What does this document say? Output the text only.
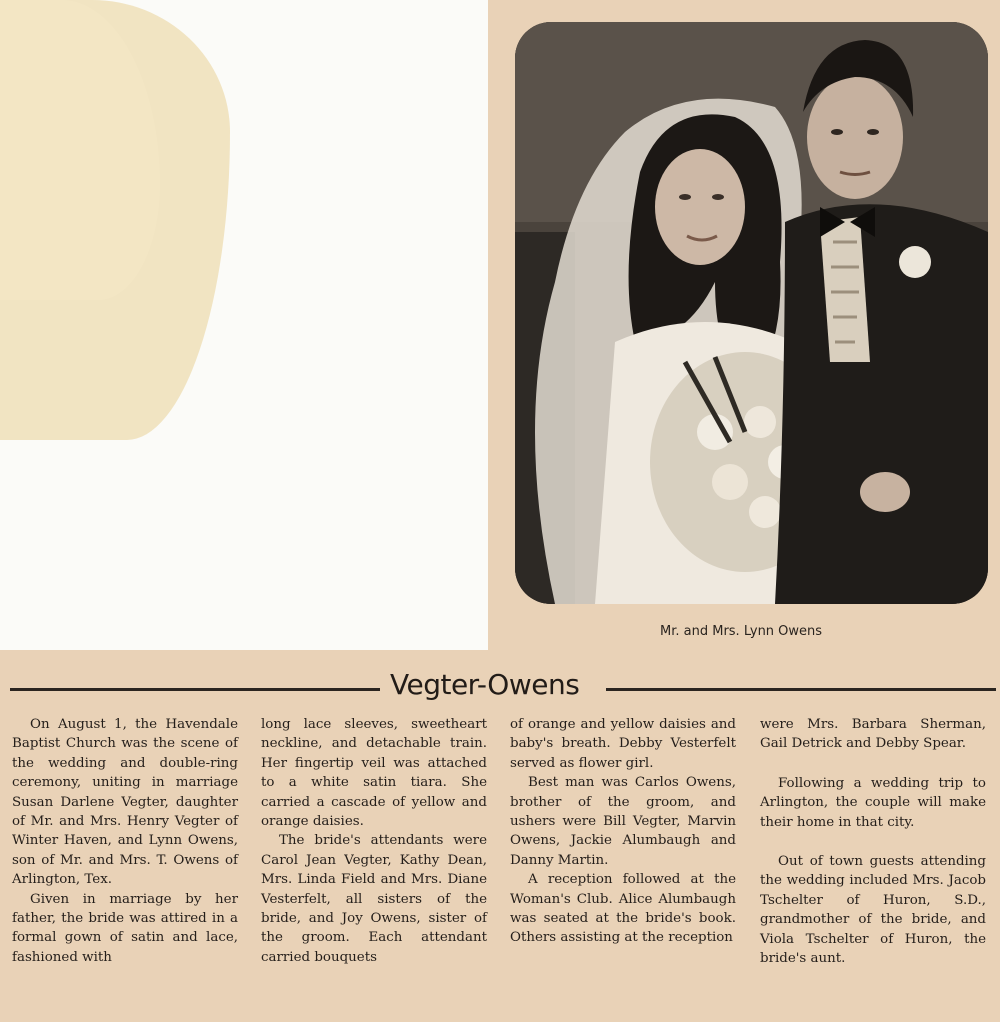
Mr. and Mrs. Lynn Owens
Vegter-Owens

On August 1, the Havendale Baptist Church was the scene of the wedding and double-ring ceremony, uniting in marriage Susan Darlene Vegter, daughter of Mr. and Mrs. Henry Vegter of Winter Haven, and Lynn Owens, son of Mr. and Mrs. T. Owens of Arlington, Tex.

Given in marriage by her father, the bride was attired in a formal gown of satin and lace, fashioned with

long lace sleeves, sweetheart neckline, and detachable train. Her fingertip veil was attached to a white satin tiara. She carried a cascade of yellow and orange daisies.

The bride's attendants were Carol Jean Vegter, Kathy Dean, Mrs. Linda Field and Mrs. Diane Vesterfelt, all sisters of the bride, and Joy Owens, sister of the groom. Each attendant carried bouquets

of orange and yellow daisies and baby's breath. Debby Vesterfelt served as flower girl.

Best man was Carlos Owens, brother of the groom, and ushers were Bill Vegter, Marvin Owens, Jackie Alumbaugh and Danny Martin.

A reception followed at the Woman's Club. Alice Alumbaugh was seated at the bride's book. Others assisting at the reception

were Mrs. Barbara Sherman, Gail Detrick and Debby Spear.

Following a wedding trip to Arlington, the couple will make their home in that city.

Out of town guests attending the wedding included Mrs. Jacob Tschelter of Huron, S.D., grandmother of the bride, and Viola Tschelter of Huron, the bride's aunt.
